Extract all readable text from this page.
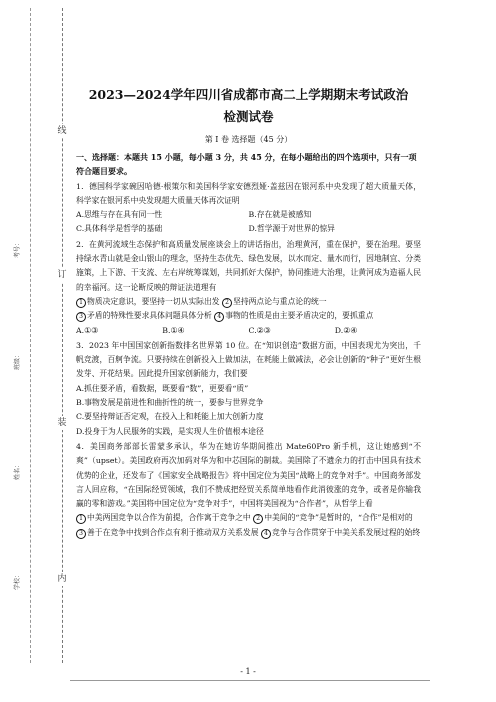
线
订
装
内
考号：
班级：
姓名：
学校：
2023—2024学年四川省成都市高二上学期期末考试政治
检测试卷
第 I 卷 选择题（45 分）
一、选择题：本题共 15 小题，每小题 3 分，共 45 分，在每小题给出的四个选项中，只有一项符合题目要求。

1．德国科学家碗因哈德·根策尔和美国科学家安德烈娅·盖兹因在银河系中央发现了超大质量天体，科学家在银河系中央发现超大质量天体再次证明

A.思维与存在具有同一性	B.存在就是被感知
C.具体科学是哲学的基础	D.哲学源于对世界的惊异

2．在黄河流域生态保护和高质量发展座谈会上的讲话指出，治理黄河，重在保护，要在治理。要坚持绿水青山就是金山银山的理念，坚持生态优先、绿色发展，以水而定、量水而行，因地制宜、分类施策，上下游、干支流、左右岸统筹谋划，共同抓好大保护，协同推进大治理，让黄河成为造福人民的幸福河。这一论断反映的辩证法道理有

1 物质决定意识，要坚持一切从实际出发 2 坚持两点论与重点论的统一

3 矛盾的特殊性要求具体问题具体分析 4 事物的性质是由主要矛盾决定的，要抓重点

A.①③	B.①④	C.②③	D.②④

3．2023 年中国国家创新指数排名世界第 10 位。在“知识创造”数据方面，中国表现尤为突出，千帆竞渡，百舸争流。只要持续在创新投入上做加法，在耗能上做减法，必会让创新的“种子”更好生根发芽、开花结果。因此提升国家创新能力，我们要

A.抓住要矛盾，看数据，既要看“数”，更要看“质”

B.事物发展是前进性和曲折性的统一，要参与世界竞争

C.要坚持辩证否定观，在投入上和耗能上加大创新力度

D.投身于为人民服务的实践，是实现人生价值根本途径

4．美国商务部部长雷蒙多承认，华为在她访华期间推出 Mate60Pro 新手机，这让她感到“不爽”（upset）。美国政府再次加码对华为和中芯国际的制裁。美国除了不遗余力的打击中国具有技术优势的企业，还发布了《国家安全战略报告》将中国定位为美国“战略上的竞争对手”。中国商务部发言人回应称，“在国际经贸领域，我们不赞成把经贸关系简单地看作此消彼涨的竞争，或者是你输我赢的零和游戏。”美国将中国定位为“竞争对手”，中国将美国视为“合作者”，从哲学上看

1 中美两国竞争以合作为前提，合作寓于竞争之中 2 中美间的“竞争”是暂时的，“合作”是相对的

3 善于在竞争中找到合作点有利于推动双方关系发展 4 竞争与合作贯穿于中美关系发展过程的始终

- 1 -
